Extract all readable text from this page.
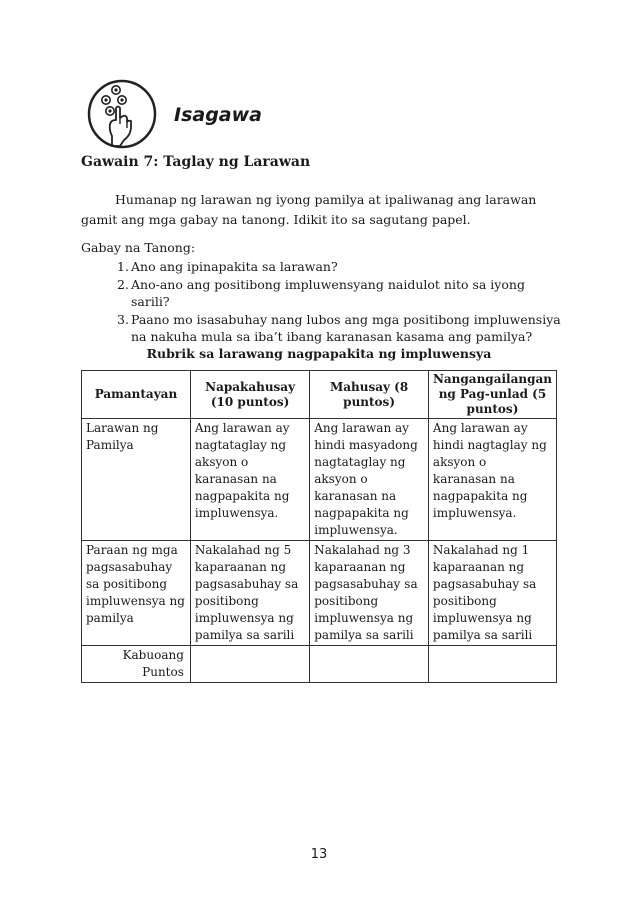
Isagawa
Gawain 7: Taglay ng Larawan
Humanap ng larawan ng iyong pamilya at ipaliwanag ang larawan gamit ang mga gabay na tanong. Idikit ito sa sagutang papel.
Gabay na Tanong:
1. Ano ang ipinapakita sa larawan?
2. Ano-ano ang positibong impluwensyang naidulot nito sa iyong sarili?
3. Paano mo isasabuhay nang lubos ang mga positibong impluwensiya na nakuha mula sa iba’t ibang karanasan kasama ang pamilya?
Rubrik sa larawang nagpapakita ng impluwensya
Pamantayan	Napakahusay (10 puntos)	Mahusay (8 puntos)	Nangangailangan ng Pag-unlad (5 puntos)
Larawan ng Pamilya	Ang larawan ay nagtataglay ng aksyon o karanasan na nagpapakita ng impluwensya.	Ang larawan ay hindi masyadong nagtataglay ng aksyon o karanasan na nagpapakita ng impluwensya.	Ang larawan ay hindi nagtaglay ng aksyon o karanasan na nagpapakita ng impluwensya.
Paraan ng mga pagsasabuhay sa positibong impluwensya ng pamilya	Nakalahad ng 5 kaparaanan ng pagsasabuhay sa positibong impluwensya ng pamilya sa sarili	Nakalahad ng 3 kaparaanan ng pagsasabuhay sa positibong impluwensya ng pamilya sa sarili	Nakalahad ng 1 kaparaanan ng pagsasabuhay sa positibong impluwensya ng pamilya sa sarili
Kabuoang Puntos			
13
